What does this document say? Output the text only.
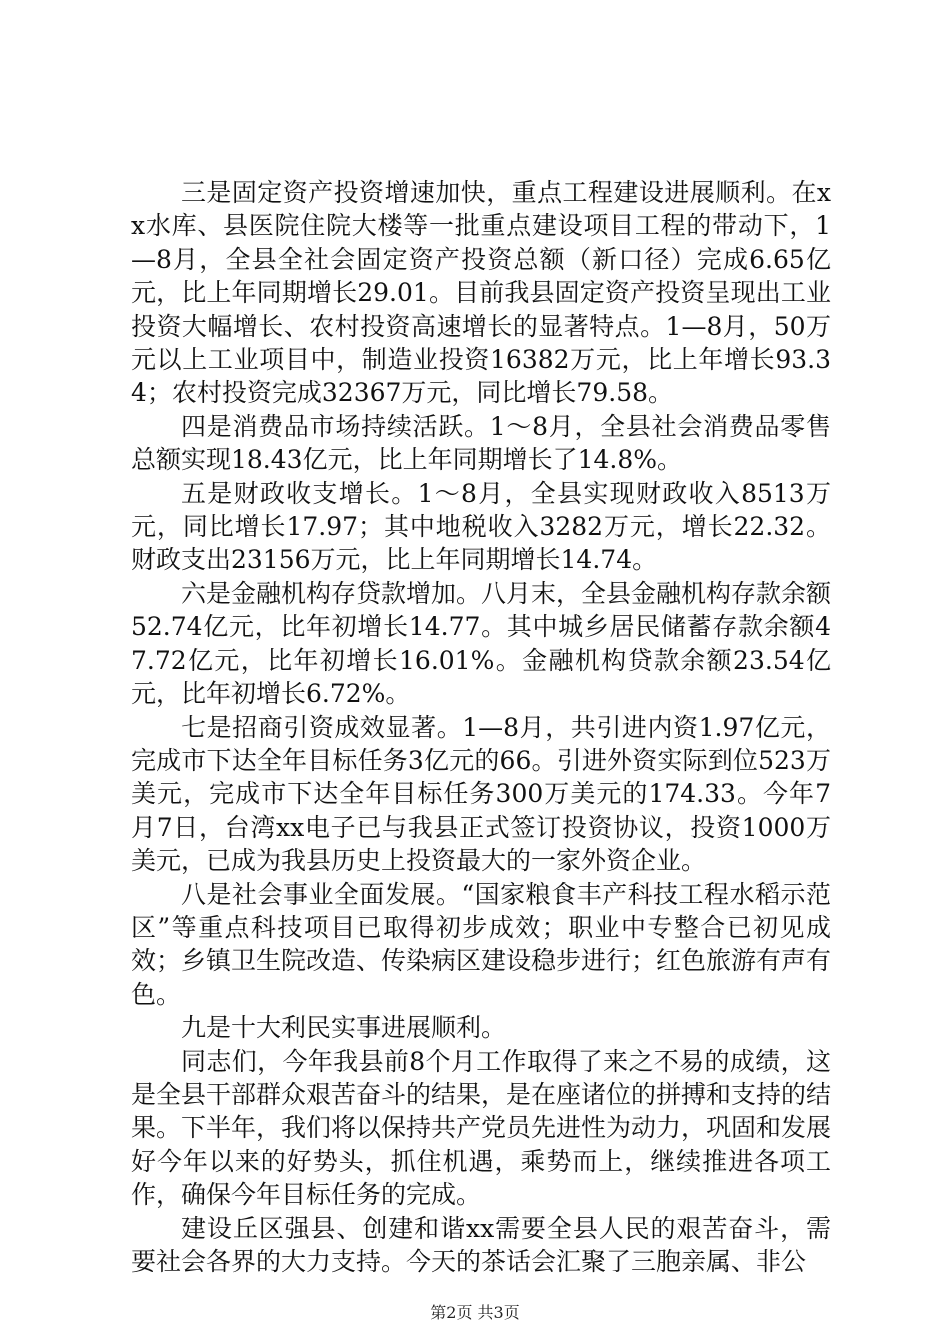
三是固定资产投资增速加快，重点工程建设进展顺利。在xx水库、县医院住院大楼等一批重点建设项目工程的带动下，1—8月，全县全社会固定资产投资总额（新口径）完成6.65亿元，比上年同期增长29.01。目前我县固定资产投资呈现出工业投资大幅增长、农村投资高速增长的显著特点。1—8月，50万元以上工业项目中，制造业投资16382万元，比上年增长93.34；农村投资完成32367万元，同比增长79.58。

四是消费品市场持续活跃。1～8月，全县社会消费品零售总额实现18.43亿元，比上年同期增长了14.8%。

五是财政收支增长。1～8月，全县实现财政收入8513万元，同比增长17.97；其中地税收入3282万元，增长22.32。财政支出23156万元，比上年同期增长14.74。

六是金融机构存贷款增加。八月末，全县金融机构存款余额52.74亿元，比年初增长14.77。其中城乡居民储蓄存款余额47.72亿元，比年初增长16.01%。金融机构贷款余额23.54亿元，比年初增长6.72%。

七是招商引资成效显著。1—8月，共引进内资1.97亿元，完成市下达全年目标任务3亿元的66。引进外资实际到位523万美元，完成市下达全年目标任务300万美元的174.33。今年7月7日，台湾xx电子已与我县正式签订投资协议，投资1000万美元，已成为我县历史上投资最大的一家外资企业。

八是社会事业全面发展。“国家粮食丰产科技工程水稻示范区”等重点科技项目已取得初步成效；职业中专整合已初见成效；乡镇卫生院改造、传染病区建设稳步进行；红色旅游有声有色。

九是十大利民实事进展顺利。

同志们，今年我县前8个月工作取得了来之不易的成绩，这是全县干部群众艰苦奋斗的结果，是在座诸位的拼搏和支持的结果。下半年，我们将以保持共产党员先进性为动力，巩固和发展好今年以来的好势头，抓住机遇，乘势而上，继续推进各项工作，确保今年目标任务的完成。

建设丘区强县、创建和谐xx需要全县人民的艰苦奋斗，需要社会各界的大力支持。今天的茶话会汇聚了三胞亲属、非公

第2页 共3页
